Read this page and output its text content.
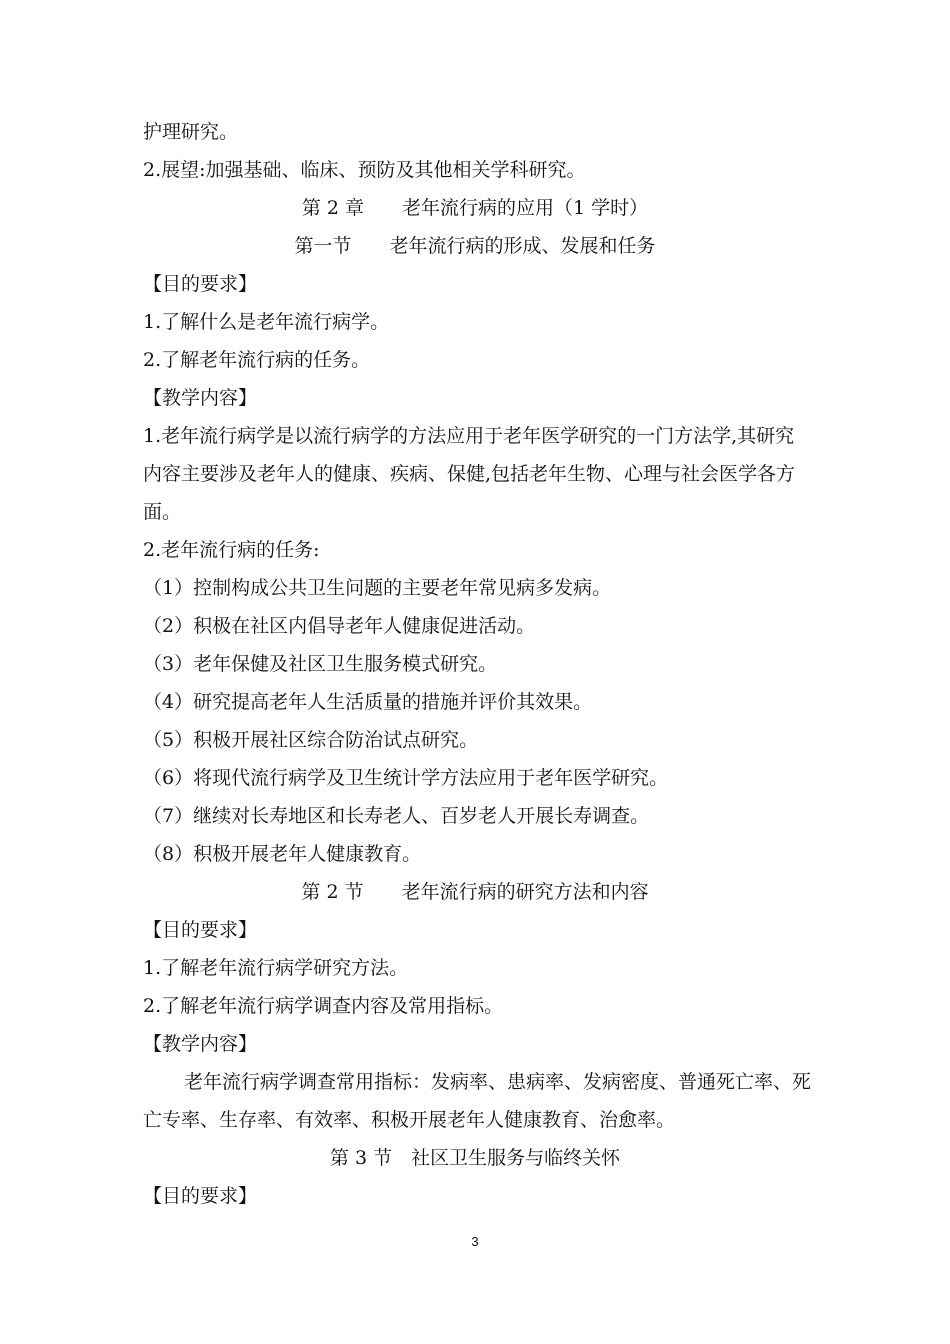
护理研究。
2.展望:加强基础、临床、预防及其他相关学科研究。
第 2 章　　老年流行病的应用（1 学时）
第一节　　老年流行病的形成、发展和任务
【目的要求】
1.了解什么是老年流行病学。
2.了解老年流行病的任务。
【教学内容】
1.老年流行病学是以流行病学的方法应用于老年医学研究的一门方法学,其研究
内容主要涉及老年人的健康、疾病、保健,包括老年生物、心理与社会医学各方
面。
2.老年流行病的任务:
（1）控制构成公共卫生问题的主要老年常见病多发病。
（2）积极在社区内倡导老年人健康促进活动。
（3）老年保健及社区卫生服务模式研究。
（4）研究提高老年人生活质量的措施并评价其效果。
（5）积极开展社区综合防治试点研究。
（6）将现代流行病学及卫生统计学方法应用于老年医学研究。
（7）继续对长寿地区和长寿老人、百岁老人开展长寿调查。
（8）积极开展老年人健康教育。
第 2 节　　老年流行病的研究方法和内容
【目的要求】
1.了解老年流行病学研究方法。
2.了解老年流行病学调查内容及常用指标。
【教学内容】
老年流行病学调查常用指标：发病率、患病率、发病密度、普通死亡率、死
亡专率、生存率、有效率、积极开展老年人健康教育、治愈率。
第 3 节　社区卫生服务与临终关怀
【目的要求】
3
